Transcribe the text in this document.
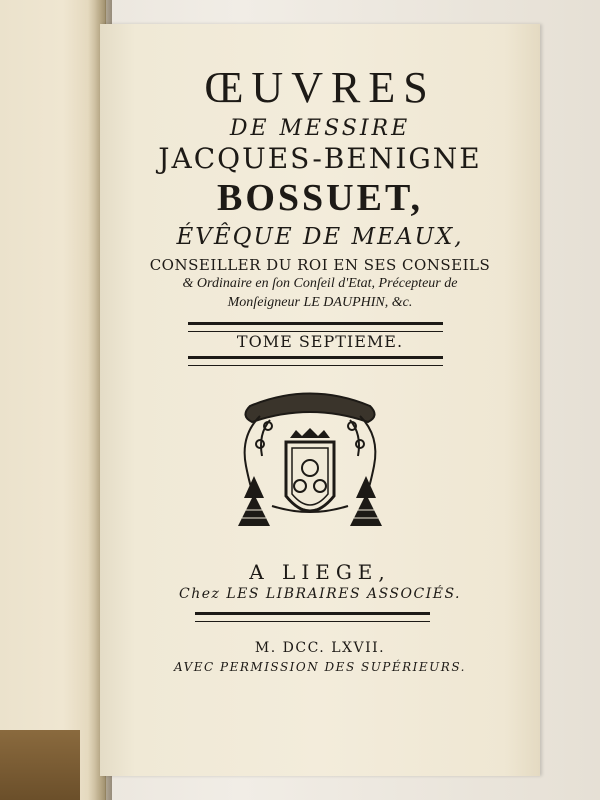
ŒUVRES
DE MESSIRE
JACQUES-BENIGNE
BOSSUET,
ÉVÊQUE DE MEAUX,
CONSEILLER DU ROI EN SES CONSEILS
& Ordinaire en ſon Conſeil d'Etat, Précepteur de
Monſeigneur LE DAUPHIN, &c.
TOME SEPTIEME.
A LIEGE,
Chez LES LIBRAIRES ASSOCIÉS.
M. DCC. LXVII.
AVEC PERMISSION DES SUPÉRIEURS.
